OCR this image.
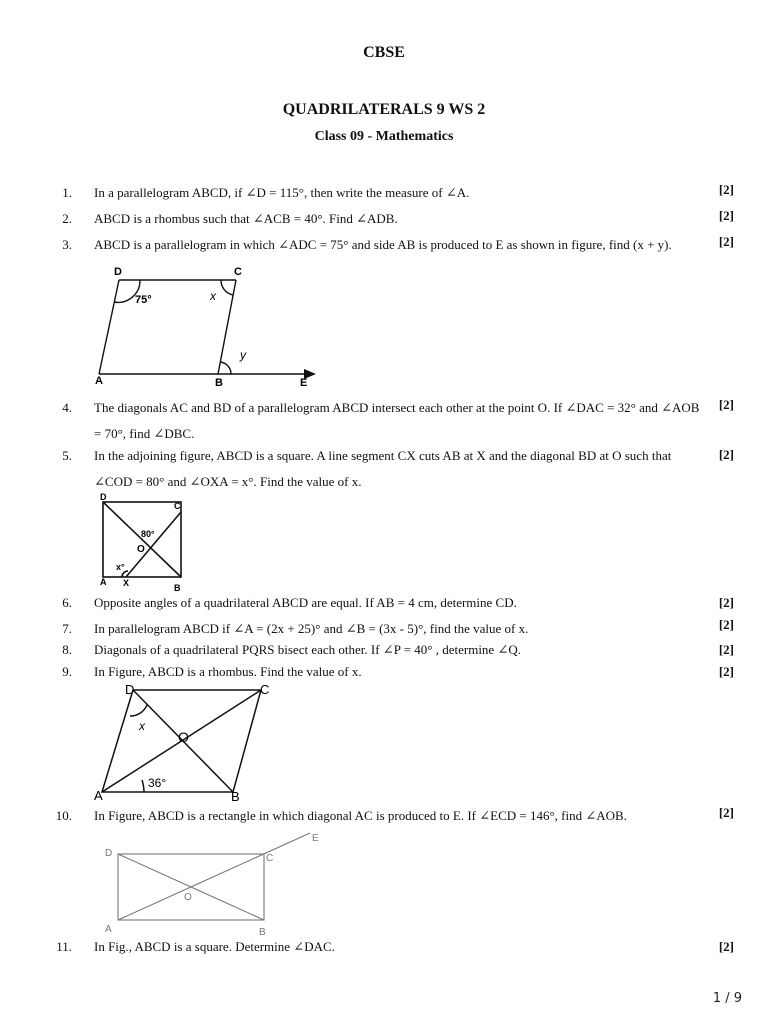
CBSE
QUADRILATERALS 9 WS 2
Class 09 - Mathematics
1. In a parallelogram ABCD, if ∠D = 115°, then write the measure of ∠A.	[2]
2. ABCD is a rhombus such that ∠ACB = 40°. Find ∠ADB.	[2]
3. ABCD is a parallelogram in which ∠ADC = 75° and side AB is produced to E as shown in figure, find (x + y).	[2]
D	C
A	B	E
75°	x
y
4. The diagonals AC and BD of a parallelogram ABCD intersect each other at the point O. If ∠DAC = 32° and ∠AOB = 70°, find ∠DBC.
[2]
5. In the adjoining figure, ABCD is a square. A line segment CX cuts AB at X and the diagonal BD at O such that ∠COD = 80° and ∠OXA = x°. Find the value of x.
[2]
D
C
A X	B
O
80°
x°
6. Opposite angles of a quadrilateral ABCD are equal. If AB = 4 cm, determine CD.	[2]
7. In parallelogram ABCD if ∠A = (2x + 25)° and ∠B = (3x - 5)°, find the value of x.	[2]
8. Diagonals of a quadrilateral PQRS bisect each other. If ∠P = 40° , determine ∠Q.	[2]
9. In Figure, ABCD is a rhombus. Find the value of x.	[2]
D	C
A	B
O
x
36°
10. In Figure, ABCD is a rectangle in which diagonal AC is produced to E. If ∠ECD = 146°, find ∠AOB.	[2]
D	C
A	B
O
E
11. In Fig., ABCD is a square. Determine ∠DAC.	[2]
1 / 9
